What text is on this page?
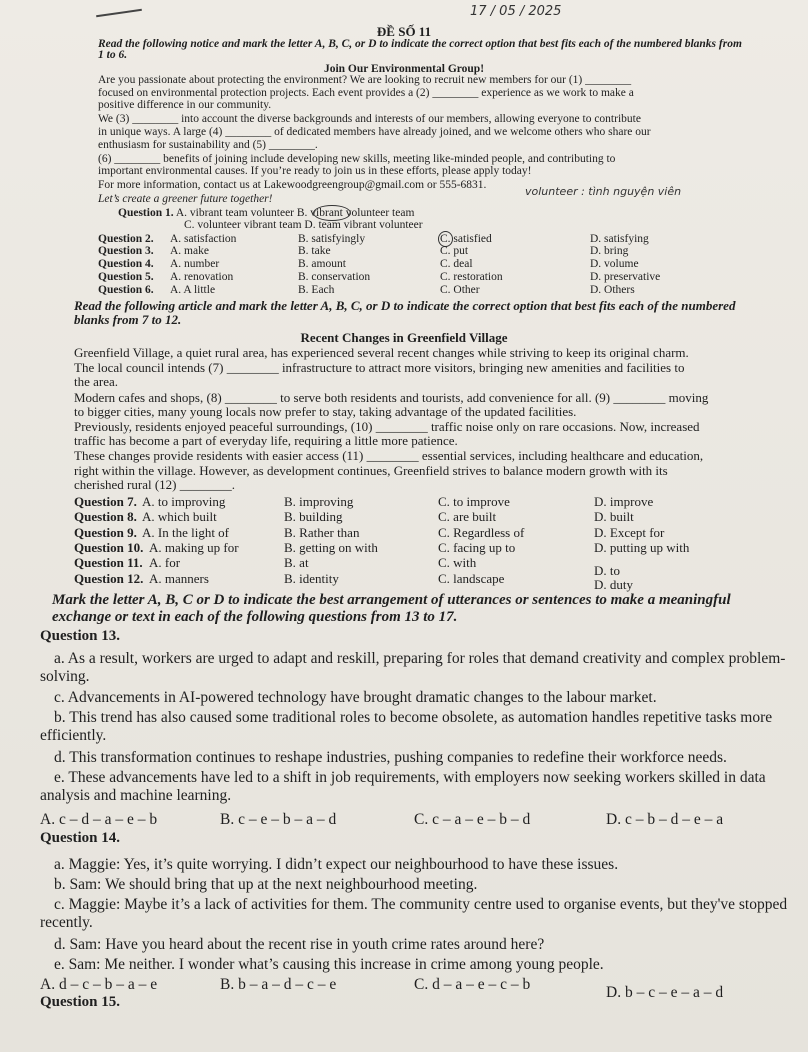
17 / 05 / 2025
ĐỀ SỐ 11
Read the following notice and mark the letter A, B, C, or D to indicate the correct option that best fits each of the numbered blanks from 1 to 6.
Join Our Environmental Group!
Are you passionate about protecting the environment? We are looking to recruit new members for our (1) ________
focused on environmental protection projects. Each event provides a (2) ________ experience as we work to make a
positive difference in our community.
We (3) ________ into account the diverse backgrounds and interests of our members, allowing everyone to contribute
in unique ways. A large (4) ________ of dedicated members have already joined, and we welcome others who share our
enthusiasm for sustainability and (5) ________.
(6) ________ benefits of joining include developing new skills, meeting like-minded people, and contributing to
important environmental causes. If you’re ready to join us in these efforts, please apply today!
For more information, contact us at Lakewoodgreengroup@gmail.com or 555-6831.
Let’s create a greener future together!
volunteer : tình nguyện viên
Question 1. A. vibrant team volunteer B. vibrant volunteer team
C. volunteer vibrant team D. team vibrant volunteer
Question 2. A. satisfaction	B. satisfyingly	C. satisfied	D. satisfying
Question 3. A. make	B. take	C. put	D. bring
Question 4. A. number	B. amount	C. deal	D. volume
Question 5. A. renovation	B. conservation	C. restoration	D. preservative
Question 6. A. A little	B. Each	C. Other	D. Others
Read the following article and mark the letter A, B, C, or D to indicate the correct option that best fits each of the numbered blanks from 7 to 12.
Recent Changes in Greenfield Village
Greenfield Village, a quiet rural area, has experienced several recent changes while striving to keep its original charm.
The local council intends (7) ________ infrastructure to attract more visitors, bringing new amenities and facilities to
the area.
Modern cafes and shops, (8) ________ to serve both residents and tourists, add convenience for all. (9) ________ moving
to bigger cities, many young locals now prefer to stay, taking advantage of the updated facilities.
Previously, residents enjoyed peaceful surroundings, (10) ________ traffic noise only on rare occasions. Now, increased
traffic has become a part of everyday life, requiring a little more patience.
These changes provide residents with easier access (11) ________ essential services, including healthcare and education,
right within the village. However, as development continues, Greenfield strives to balance modern growth with its
cherished rural (12) ________.
Question 7. A. to improving	B. improving	C. to improve	D. improve
Question 8. A. which built	B. building	C. are built	D. built
Question 9. A. In the light of	B. Rather than	C. Regardless of	D. Except for
Question 10. A. making up for	B. getting on with	C. facing up to	D. putting up with
Question 11. A. for	B. at	C. with
D. to
Question 12. A. manners	B. identity	C. landscape	D. duty
Mark the letter A, B, C or D to indicate the best arrangement of utterances or sentences to make a meaningful exchange or text in each of the following questions from 13 to 17.
Question 13.
a. As a result, workers are urged to adapt and reskill, preparing for roles that demand creativity and complex problem-solving.
c. Advancements in AI-powered technology have brought dramatic changes to the labour market.
b. This trend has also caused some traditional roles to become obsolete, as automation handles repetitive tasks more efficiently.
d. This transformation continues to reshape industries, pushing companies to redefine their workforce needs.
e. These advancements have led to a shift in job requirements, with employers now seeking workers skilled in data analysis and machine learning.
A. c – d – a – e – b	B. c – e – b – a – d	C. c – a – e – b – d	D. c – b – d – e – a
Question 14.
a. Maggie: Yes, it’s quite worrying. I didn’t expect our neighbourhood to have these issues.
b. Sam: We should bring that up at the next neighbourhood meeting.
c. Maggie: Maybe it’s a lack of activities for them. The community centre used to organise events, but they've stopped recently.
d. Sam: Have you heard about the recent rise in youth crime rates around here?
e. Sam: Me neither. I wonder what’s causing this increase in crime among young people.
A. d – c – b – a – e	B. b – a – d – c – e	C. d – a – e – c – b	D. b – c – e – a – d
Question 15.
